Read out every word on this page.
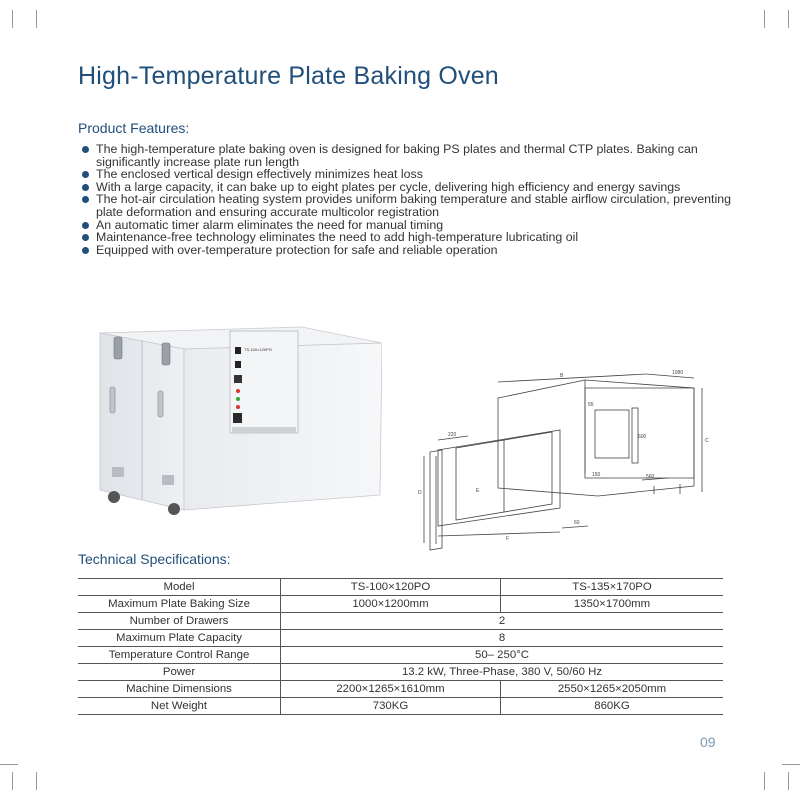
High-Temperature Plate Baking Oven
Product Features:
The high-temperature plate baking oven is designed for baking PS plates and thermal CTP plates. Baking can significantly increase plate run length
The enclosed vertical design effectively minimizes heat loss
With a large capacity, it can bake up to eight plates per cycle, delivering high efficiency and energy savings
The hot-air circulation heating system provides uniform baking temperature and stable airflow circulation, preventing plate deformation and ensuring accurate multicolor registration
An automatic timer alarm eliminates the need for manual timing
Maintenance-free technology eliminates the need to add high-temperature lubricating oil
Equipped with over-temperature protection for safe and reliable operation
TS-100×120PO
B	1080
C
D	E
F
220
55
600
560
150
60
Technical Specifications:
Model	TS-100×120PO	TS-135×170PO
Maximum Plate Baking Size	1000×1200mm	1350×1700mm
Number of Drawers	2	
Maximum Plate Capacity	8	
Temperature Control Range	50– 250°C	
Power	13.2 kW, Three-Phase, 380 V, 50/60 Hz	
Machine Dimensions	2200×1265×1610mm	2550×1265×2050mm
Net Weight	730KG	860KG
09
